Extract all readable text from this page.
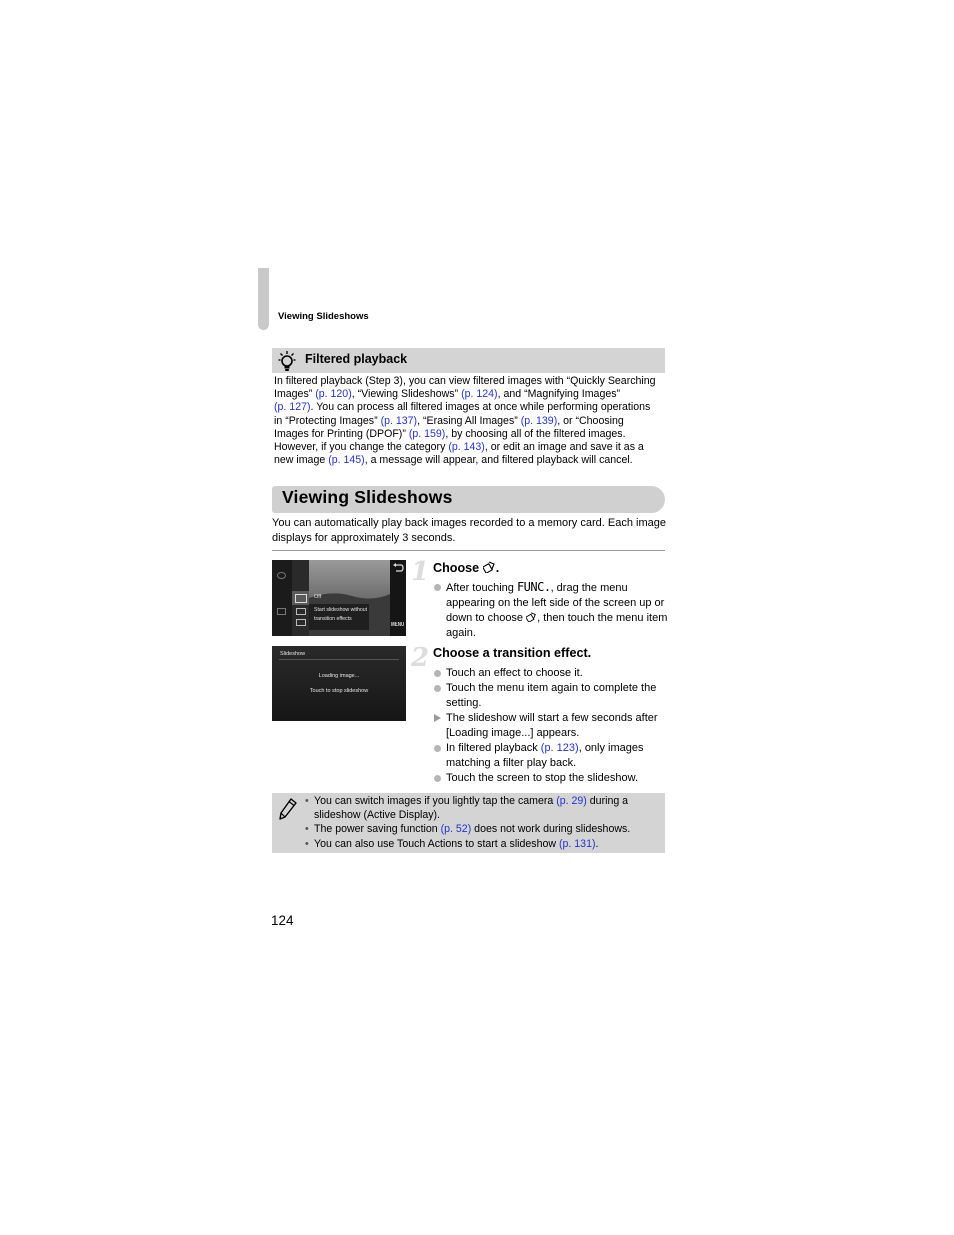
Viewing Slideshows
Filtered playback

In filtered playback (Step 3), you can view filtered images with “Quickly Searching

Images” (p. 120), “Viewing Slideshows” (p. 124), and “Magnifying Images”

(p. 127). You can process all filtered images at once while performing operations

in “Protecting Images” (p. 137), “Erasing All Images” (p. 139), or “Choosing

Images for Printing (DPOF)” (p. 159), by choosing all of the filtered images.

However, if you change the category (p. 143), or edit an image and save it as a

new image (p. 145), a message will appear, and filtered playback will cancel.

Viewing Slideshows
You can automatically play back images recorded to a memory card. Each image displays for approximately 3 seconds.
Off
Start slideshow without
transition effects
MENU
Slideshow
Loading image...
Touch to stop slideshow
1 Choose .
After touching FUNC., drag the menu appearing on the left side of the screen up or down to choose , then touch the menu item again.
2 Choose a transition effect.
Touch an effect to choose it.
Touch the menu item again to complete the setting.
The slideshow will start a few seconds after [Loading image...] appears.
In filtered playback (p. 123), only images matching a filter play back.
Touch the screen to stop the slideshow.
• You can switch images if you lightly tap the camera (p. 29) during a slideshow (Active Display).
• The power saving function (p. 52) does not work during slideshows.
• You can also use Touch Actions to start a slideshow (p. 131).
124
